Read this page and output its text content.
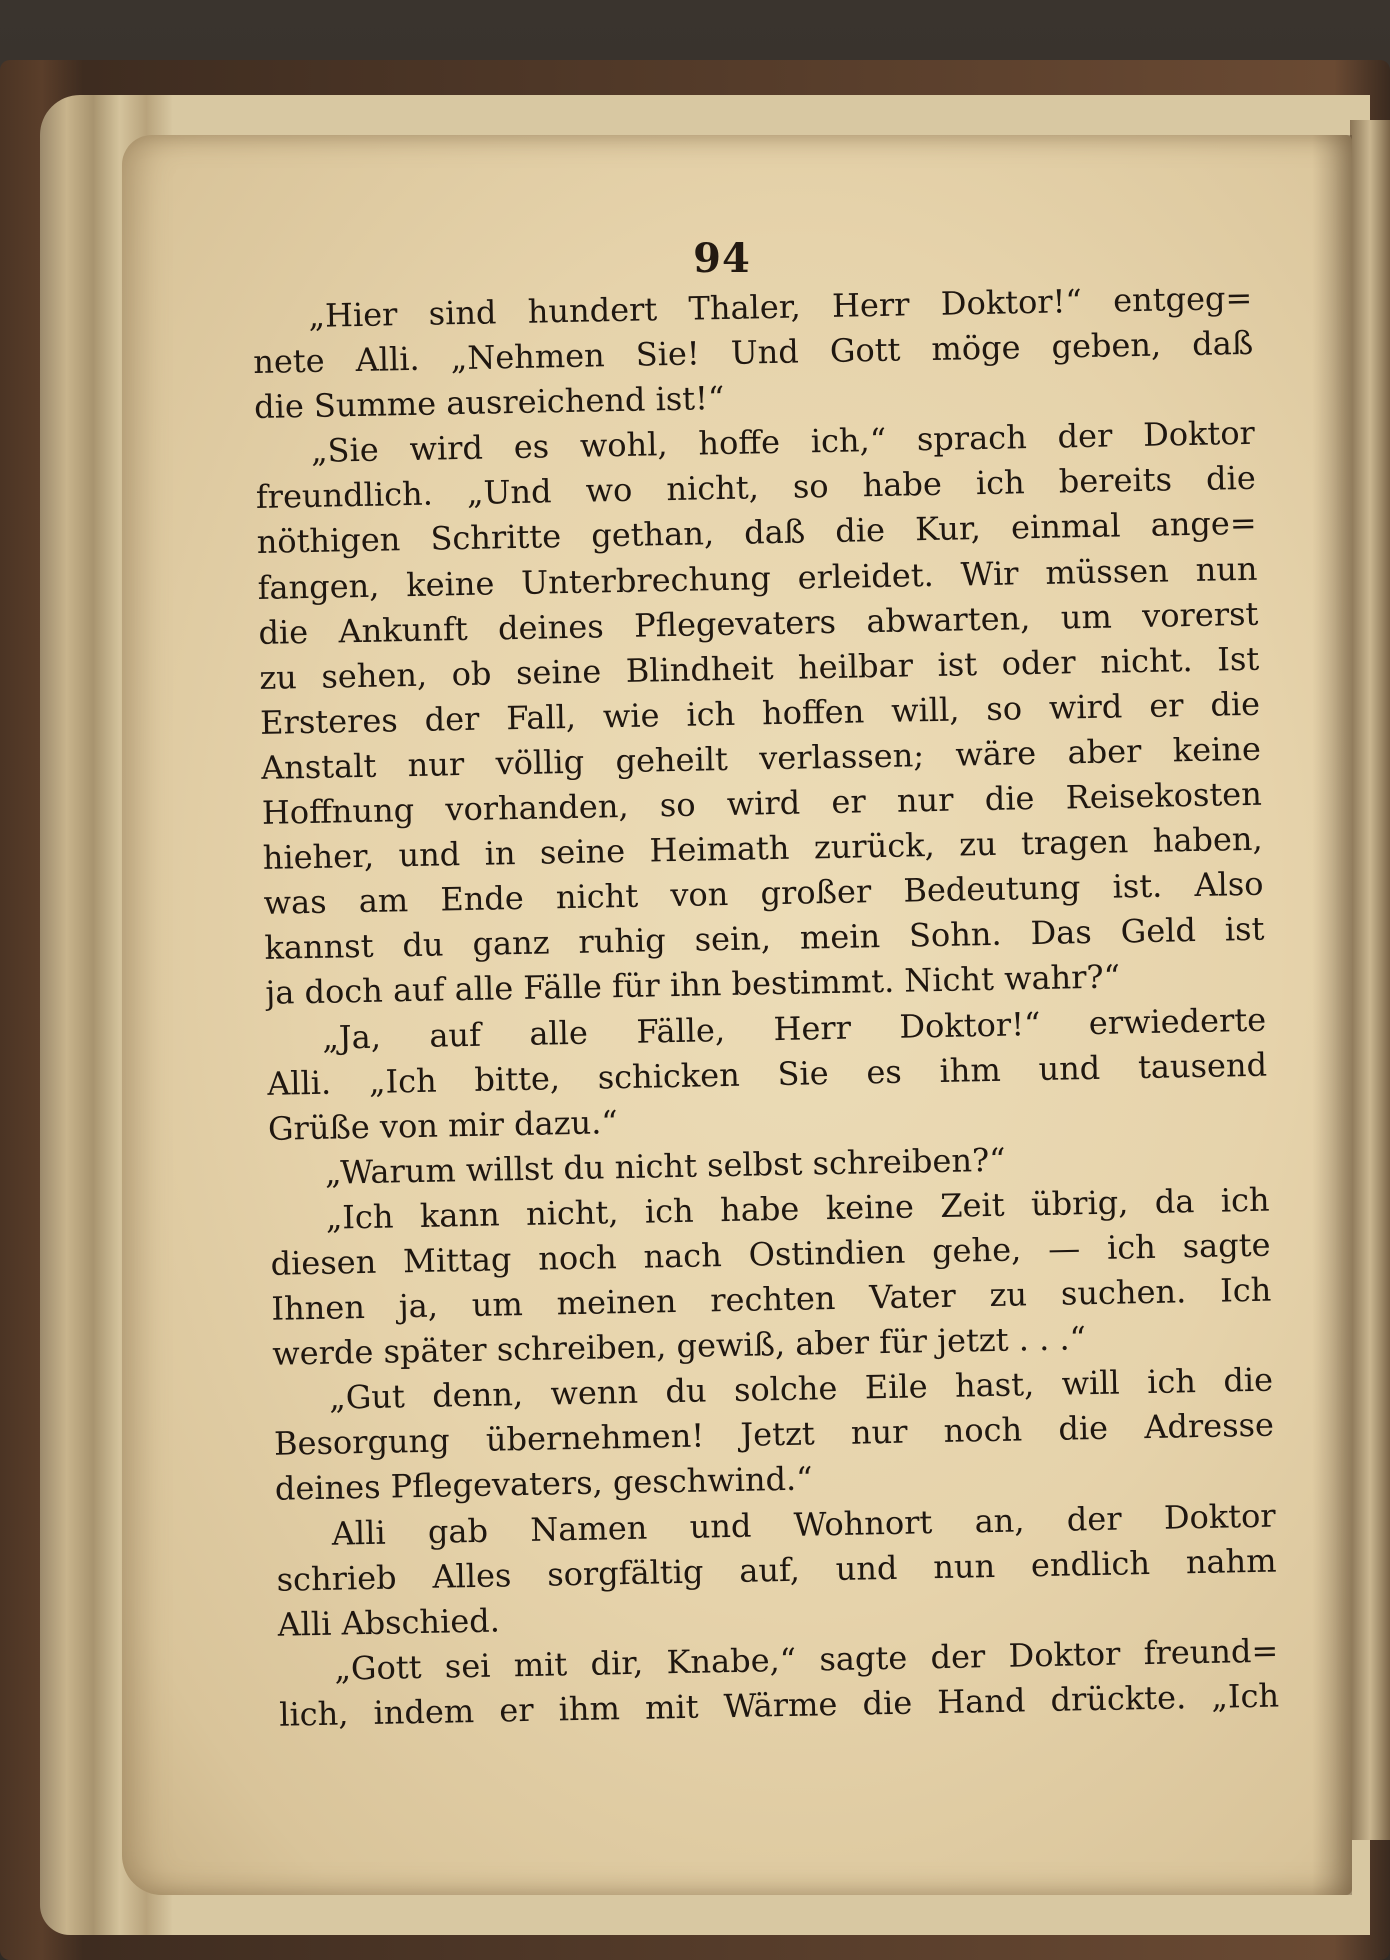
94
„Hier sind hundert Thaler, Herr Doktor!“ entgeg=
nete Alli. „Nehmen Sie! Und Gott möge geben, daß
die Summe ausreichend ist!“
„Sie wird es wohl, hoffe ich,“ sprach der Doktor
freundlich. „Und wo nicht, so habe ich bereits die
nöthigen Schritte gethan, daß die Kur, einmal ange=
fangen, keine Unterbrechung erleidet. Wir müssen nun
die Ankunft deines Pflegevaters abwarten, um vorerst
zu sehen, ob seine Blindheit heilbar ist oder nicht. Ist
Ersteres der Fall, wie ich hoffen will, so wird er die
Anstalt nur völlig geheilt verlassen; wäre aber keine
Hoffnung vorhanden, so wird er nur die Reisekosten
hieher, und in seine Heimath zurück, zu tragen haben,
was am Ende nicht von großer Bedeutung ist. Also
kannst du ganz ruhig sein, mein Sohn. Das Geld ist
ja doch auf alle Fälle für ihn bestimmt. Nicht wahr?“
„Ja, auf alle Fälle, Herr Doktor!“ erwiederte
Alli. „Ich bitte, schicken Sie es ihm und tausend
Grüße von mir dazu.“
„Warum willst du nicht selbst schreiben?“
„Ich kann nicht, ich habe keine Zeit übrig, da ich
diesen Mittag noch nach Ostindien gehe, — ich sagte
Ihnen ja, um meinen rechten Vater zu suchen. Ich
werde später schreiben, gewiß, aber für jetzt . . .“
„Gut denn, wenn du solche Eile hast, will ich die
Besorgung übernehmen! Jetzt nur noch die Adresse
deines Pflegevaters, geschwind.“
Alli gab Namen und Wohnort an, der Doktor
schrieb Alles sorgfältig auf, und nun endlich nahm
Alli Abschied.
„Gott sei mit dir, Knabe,“ sagte der Doktor freund=
lich, indem er ihm mit Wärme die Hand drückte. „Ich
